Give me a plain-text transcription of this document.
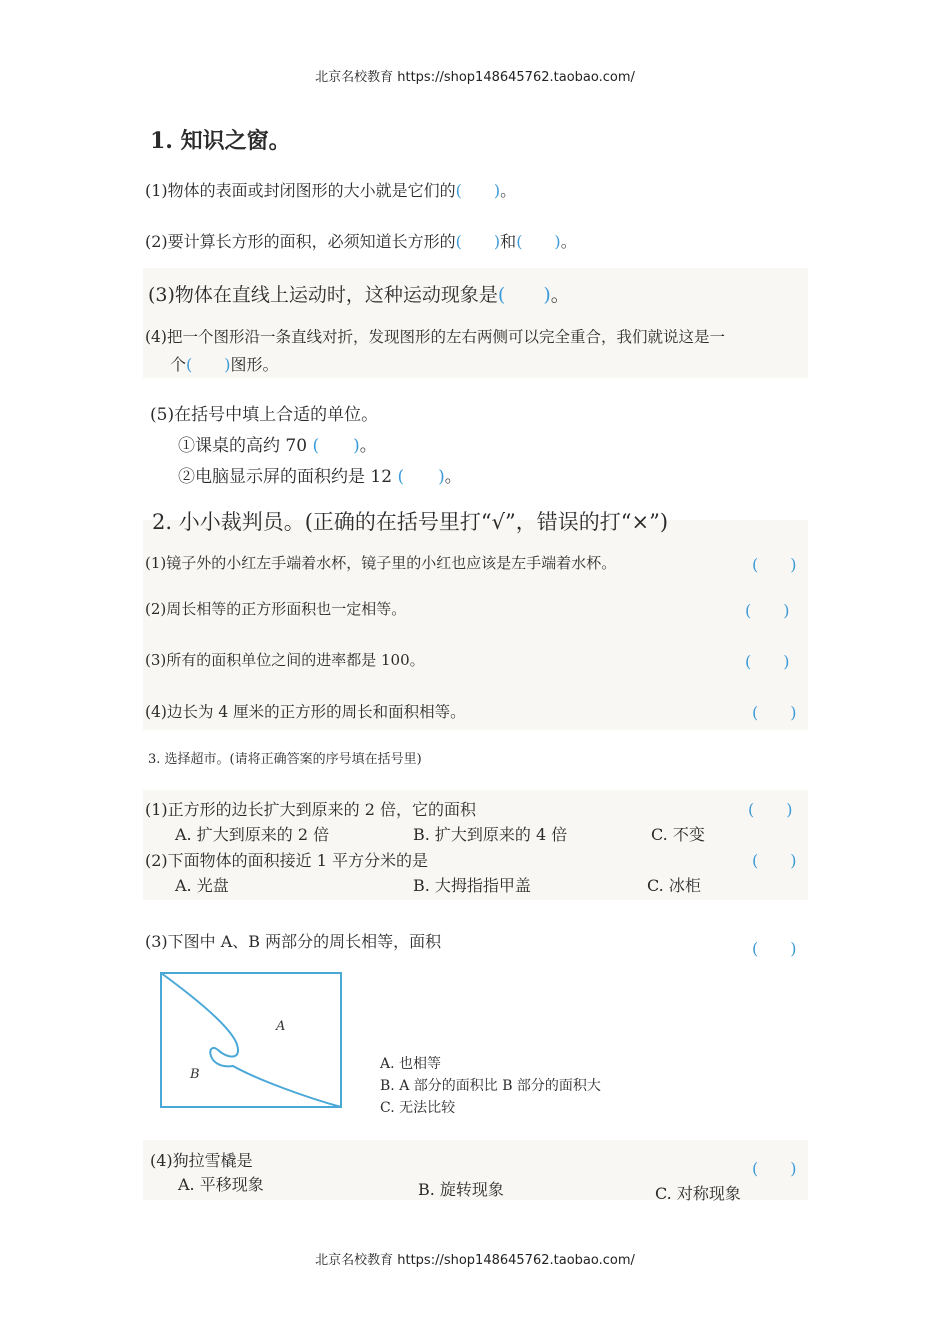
北京名校教育 https://shop148645762.taobao.com/
1. 知识之窗。
(1)物体的表面或封闭图形的大小就是它们的(　　)。
(2)要计算长方形的面积，必须知道长方形的(　　)和(　　)。
(3)物体在直线上运动时，这种运动现象是(　　)。
(4)把一个图形沿一条直线对折，发现图形的左右两侧可以完全重合，我们就说这是一
个(　　)图形。
(5)在括号中填上合适的单位。
①课桌的高约 70 (　　)。
②电脑显示屏的面积约是 12 (　　)。
2. 小小裁判员。(正确的在括号里打“√”，错误的打“×”)
(1)镜子外的小红左手端着水杯，镜子里的小红也应该是左手端着水杯。	(　　)
(2)周长相等的正方形面积也一定相等。	(　　)
(3)所有的面积单位之间的进率都是 100。	(　　)
(4)边长为 4 厘米的正方形的周长和面积相等。	(　　)
3. 选择超市。(请将正确答案的序号填在括号里)
(1)正方形的边长扩大到原来的 2 倍，它的面积	(　　)
A. 扩大到原来的 2 倍	B. 扩大到原来的 4 倍	C. 不变
(2)下面物体的面积接近 1 平方分米的是	(　　)
A. 光盘	B. 大拇指指甲盖	C. 冰柜
(3)下图中 A、B 两部分的周长相等，面积	(　　)
A
B
A. 也相等
B. A 部分的面积比 B 部分的面积大
C. 无法比较
(4)狗拉雪橇是	(　　)
A. 平移现象	B. 旋转现象	C. 对称现象
北京名校教育 https://shop148645762.taobao.com/
